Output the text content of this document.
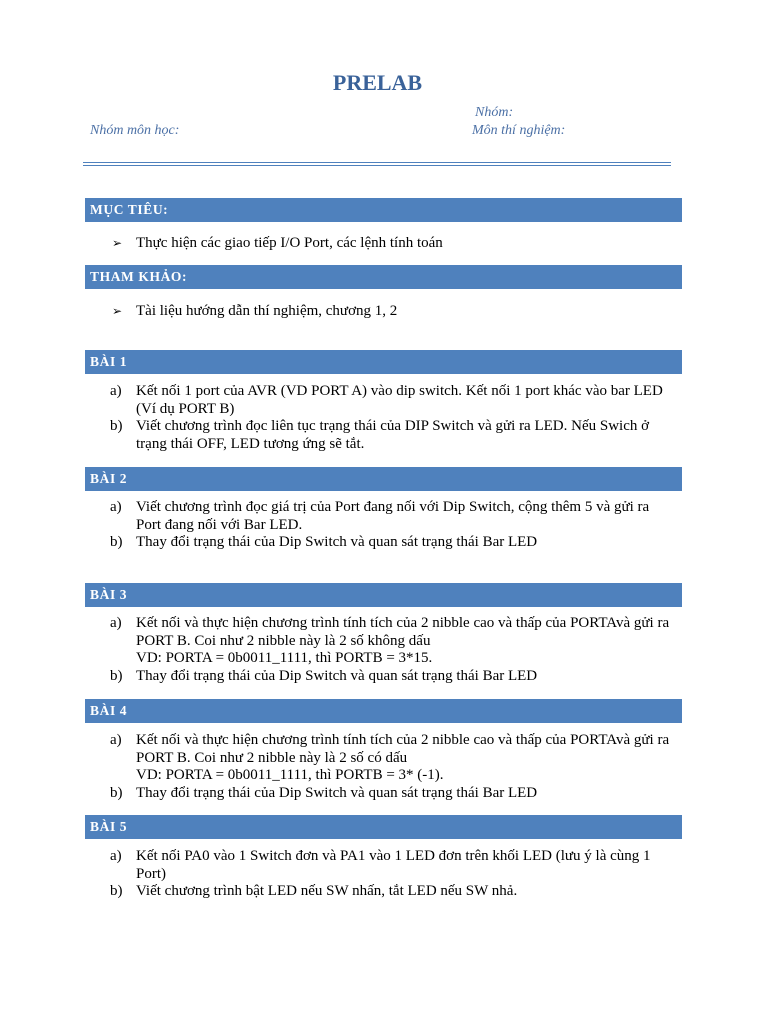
PRELAB
Nhóm:
Nhóm môn học:	Môn thí nghiệm:
MỤC TIÊU:
➢ Thực hiện các giao tiếp I/O Port, các lệnh tính toán
THAM KHẢO:
➢ Tài liệu hướng dẫn thí nghiệm, chương 1, 2
BÀI 1
a) Kết nối 1 port của AVR (VD PORT A) vào dip switch. Kết nối 1 port khác vào bar LED
(Ví dụ PORT B)
b) Viết chương trình đọc liên tục trạng thái của DIP Switch và gửi ra LED. Nếu Swich ở
trạng thái OFF, LED tương ứng sẽ tắt.
BÀI 2
a) Viết chương trình đọc giá trị của Port đang nối với Dip Switch, cộng thêm 5 và gửi ra
Port đang nối với Bar LED.
b) Thay đổi trạng thái của Dip Switch và quan sát trạng thái Bar LED
BÀI 3
a) Kết nối và thực hiện chương trình tính tích của 2 nibble cao và thấp của PORTAvà gửi ra
PORT B. Coi như 2 nibble này là 2 số không dấu
VD: PORTA = 0b0011_1111, thì PORTB = 3*15.
b) Thay đổi trạng thái của Dip Switch và quan sát trạng thái Bar LED
BÀI 4
a) Kết nối và thực hiện chương trình tính tích của 2 nibble cao và thấp của PORTAvà gửi ra
PORT B. Coi như 2 nibble này là 2 số có dấu
VD: PORTA = 0b0011_1111, thì PORTB = 3* (-1).
b) Thay đổi trạng thái của Dip Switch và quan sát trạng thái Bar LED
BÀI 5
a) Kết nối PA0 vào 1 Switch đơn và PA1 vào 1 LED đơn trên khối LED (lưu ý là cùng 1
Port)
b) Viết chương trình bật LED nếu SW nhấn, tắt LED nếu SW nhả.
